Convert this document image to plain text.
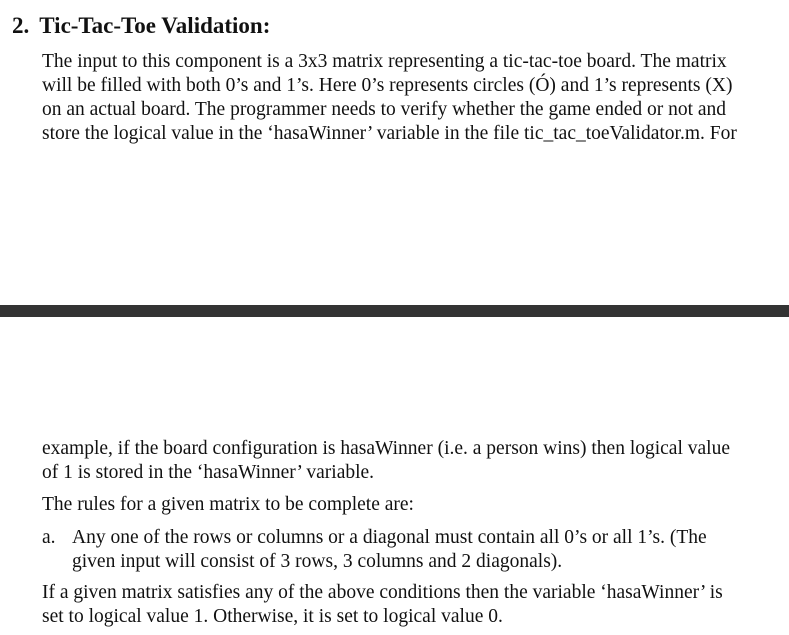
2. Tic-Tac-Toe Validation:

The input to this component is a 3x3 matrix representing a tic-tac-toe board. The matrix
will be filled with both 0’s and 1’s. Here 0’s represents circles (Ó) and 1’s represents (X)
on an actual board. The programmer needs to verify whether the game ended or not and
store the logical value in the ‘hasaWinner’ variable in the file tic_tac_toeValidator.m. For

example, if the board configuration is hasaWinner (i.e. a person wins) then logical value
of 1 is stored in the ‘hasaWinner’ variable.

The rules for a given matrix to be complete are:

a. Any one of the rows or columns or a diagonal must contain all 0’s or all 1’s. (The
given input will consist of 3 rows, 3 columns and 2 diagonals).

If a given matrix satisfies any of the above conditions then the variable ‘hasaWinner’ is
set to logical value 1. Otherwise, it is set to logical value 0.
